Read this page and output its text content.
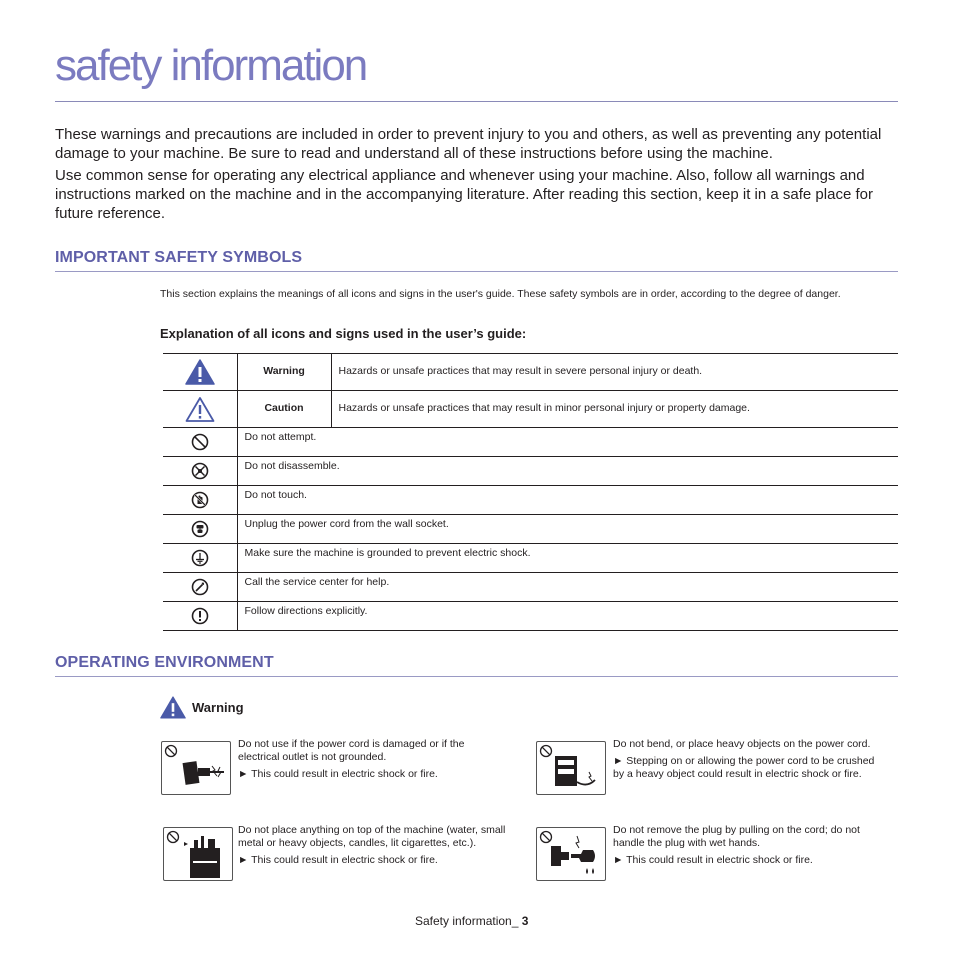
safety information

These warnings and precautions are included in order to prevent injury to you and others, as well as preventing any potential damage to your machine. Be sure to read and understand all of these instructions before using the machine.

Use common sense for operating any electrical appliance and whenever using your machine. Also, follow all warnings and instructions marked on the machine and in the accompanying literature. After reading this section, keep it in a safe place for future reference.

IMPORTANT SAFETY SYMBOLS

This section explains the meanings of all icons and signs in the user's guide. These safety symbols are in order, according to the degree of danger.

Explanation of all icons and signs used in the user’s guide:

	Warning	Hazards or unsafe practices that may result in severe personal injury or death.

	Caution	Hazards or unsafe practices that may result in minor personal injury or property damage.

	Do not attempt.	

	Do not disassemble.	

	Do not touch.	

	Unplug the power cord from the wall socket.	

	Make sure the machine is grounded to prevent electric shock.	

	Call the service center for help.	

	Follow directions explicitly.	
OPERATING ENVIRONMENT
Warning

Do not use if the power cord is damaged or if the electrical outlet is not grounded.

► This could result in electric shock or fire.

Do not bend, or place heavy objects on the power cord.

► Stepping on or allowing the power cord to be crushed by a heavy object could result in electric shock or fire.

Do not place anything on top of the machine (water, small metal or heavy objects, candles, lit cigarettes, etc.).

► This could result in electric shock or fire.

Do not remove the plug by pulling on the cord; do not handle the plug with wet hands.

► This could result in electric shock or fire.

Safety information_ 3
